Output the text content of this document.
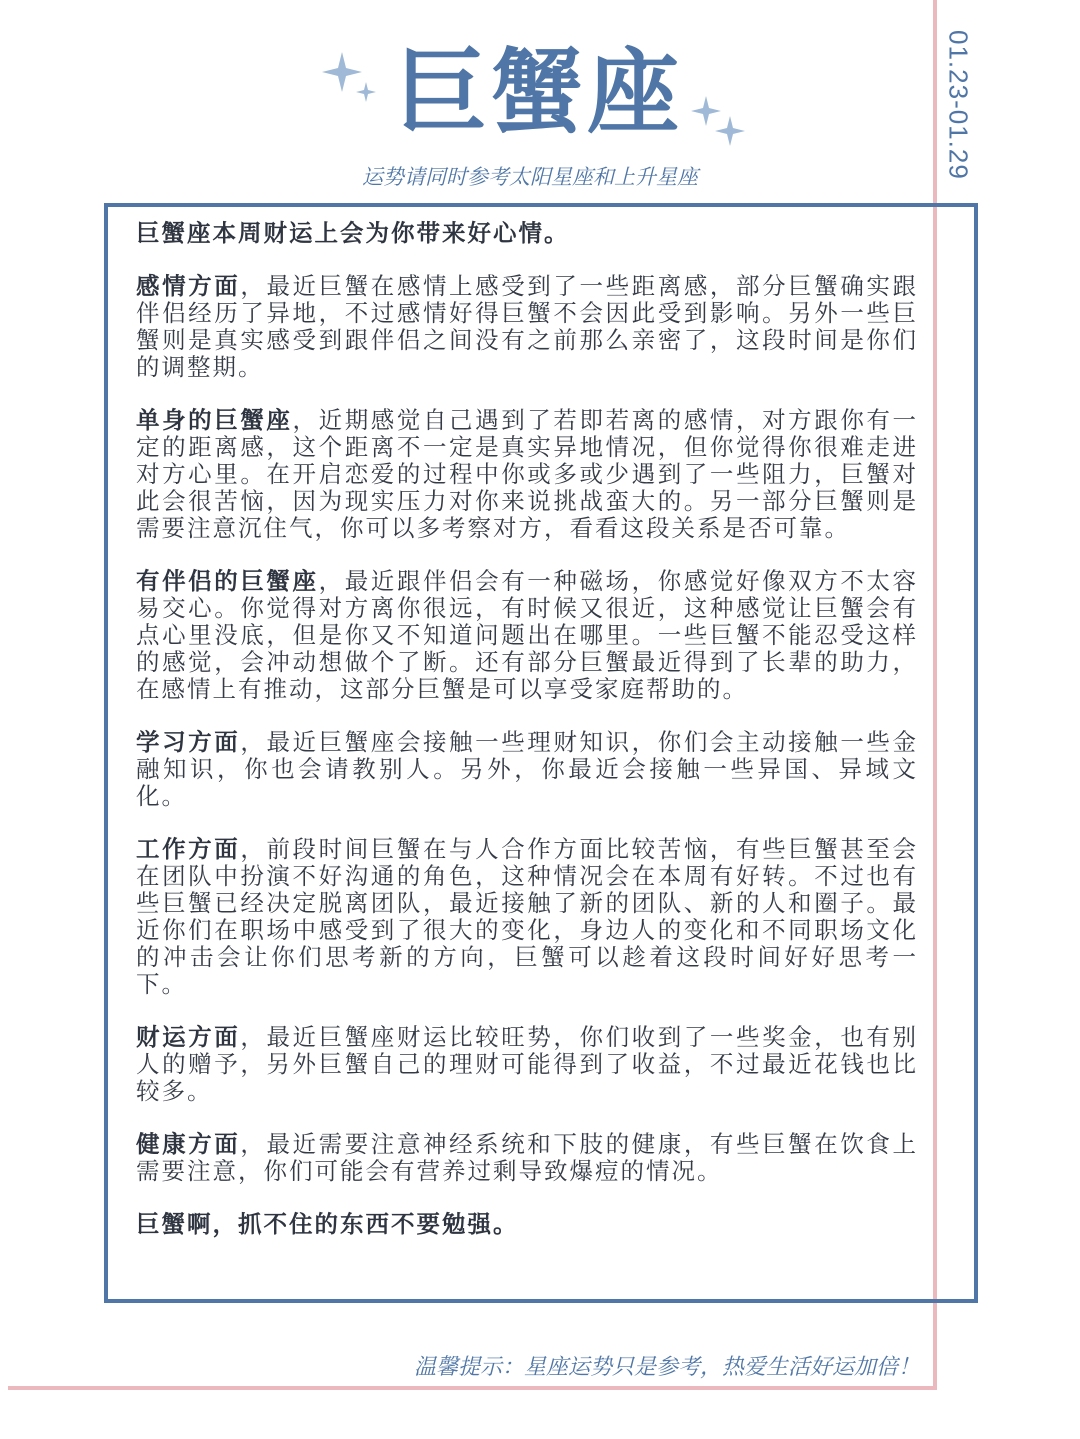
01.23-01.29
巨蟹座
运势请同时参考太阳星座和上升星座

巨蟹座本周财运上会为你带来好心情。

感情方面，最近巨蟹在感情上感受到了一些距离感，部分巨蟹确实跟伴侣经历了异地，不过感情好得巨蟹不会因此受到影响。另外一些巨蟹则是真实感受到跟伴侣之间没有之前那么亲密了，这段时间是你们的调整期。

单身的巨蟹座，近期感觉自己遇到了若即若离的感情，对方跟你有一定的距离感，这个距离不一定是真实异地情况，但你觉得你很难走进对方心里。在开启恋爱的过程中你或多或少遇到了一些阻力，巨蟹对此会很苦恼，因为现实压力对你来说挑战蛮大的。另一部分巨蟹则是需要注意沉住气，你可以多考察对方，看看这段关系是否可靠。

有伴侣的巨蟹座，最近跟伴侣会有一种磁场，你感觉好像双方不太容易交心。你觉得对方离你很远，有时候又很近，这种感觉让巨蟹会有点心里没底，但是你又不知道问题出在哪里。一些巨蟹不能忍受这样的感觉，会冲动想做个了断。还有部分巨蟹最近得到了长辈的助力，在感情上有推动，这部分巨蟹是可以享受家庭帮助的。

学习方面，最近巨蟹座会接触一些理财知识，你们会主动接触一些金融知识，你也会请教别人。另外，你最近会接触一些异国、异域文化。

工作方面，前段时间巨蟹在与人合作方面比较苦恼，有些巨蟹甚至会在团队中扮演不好沟通的角色，这种情况会在本周有好转。不过也有些巨蟹已经决定脱离团队，最近接触了新的团队、新的人和圈子。最近你们在职场中感受到了很大的变化，身边人的变化和不同职场文化的冲击会让你们思考新的方向，巨蟹可以趁着这段时间好好思考一下。

财运方面，最近巨蟹座财运比较旺势，你们收到了一些奖金，也有别人的赠予，另外巨蟹自己的理财可能得到了收益，不过最近花钱也比较多。

健康方面，最近需要注意神经系统和下肢的健康，有些巨蟹在饮食上需要注意，你们可能会有营养过剩导致爆痘的情况。

巨蟹啊，抓不住的东西不要勉强。

温馨提示：星座运势只是参考，热爱生活好运加倍！
